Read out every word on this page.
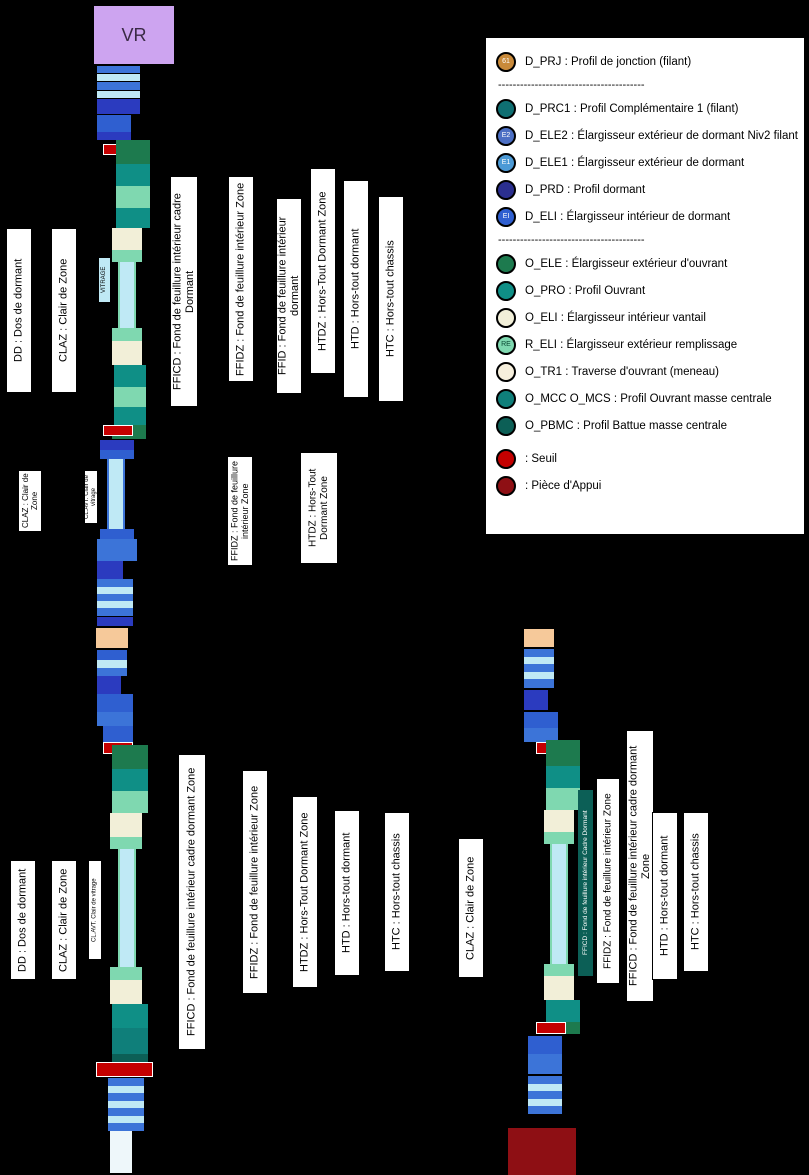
VR
DD : Dos de dormant	CLAZ : Clair de Zone	FFICD : Fond de feuillure intérieur cadre Dormant	FFIDZ : Fond de feuillure intérieur Zone	FFID : Fond de feuillure intérieur dormant	HTDZ : Hors-Tout Dormant Zone	HTD : Hors-tout dormant	HTC : Hors-tout chassis
VITRAGE
CLAZ : Clair de Zone	CL.AVT. Clair de vitrage	FFIDZ : Fond de feuillure intérieur Zone	HTDZ : Hors-Tout Dormant Zone
DD : Dos de dormant	CLAZ : Clair de Zone	CL.AVT. Clair de vitrage	FFICD : Fond de feuillure intérieur cadre dormant Zone	FFIDZ : Fond de feuillure intérieur Zone	HTDZ : Hors-Tout Dormant Zone	HTD : Hors-tout dormant	HTC : Hors-tout chassis	CLAZ : Clair de Zone	FFICD : Fond de feuillure intérieur cadre dormant Zone
FFIDZ : Fond de feuillure intérieur Zone
FFICD : Fond de feuillure intérieur Cadre Dormant	HTD : Hors-tout dormant	HTC : Hors-tout chassis
61 D_PRJ : Profil de jonction (filant)
----------------------------------------
D_PRC1 : Profil Complémentaire 1 (filant)
E2 D_ELE2 : Élargisseur extérieur de dormant Niv2 filant
E1 D_ELE1 : Élargisseur extérieur de dormant
D_PRD : Profil dormant
EI D_ELI : Élargisseur intérieur de dormant
----------------------------------------
O_ELE : Élargisseur extérieur d'ouvrant
O_PRO : Profil Ouvrant
O_ELI : Élargisseur intérieur vantail
RE R_ELI : Élargisseur extérieur remplissage
O_TR1 : Traverse d'ouvrant (meneau)
O_MCC O_MCS : Profil Ouvrant masse centrale
O_PBMC : Profil Battue masse centrale
: Seuil
: Pièce d'Appui
